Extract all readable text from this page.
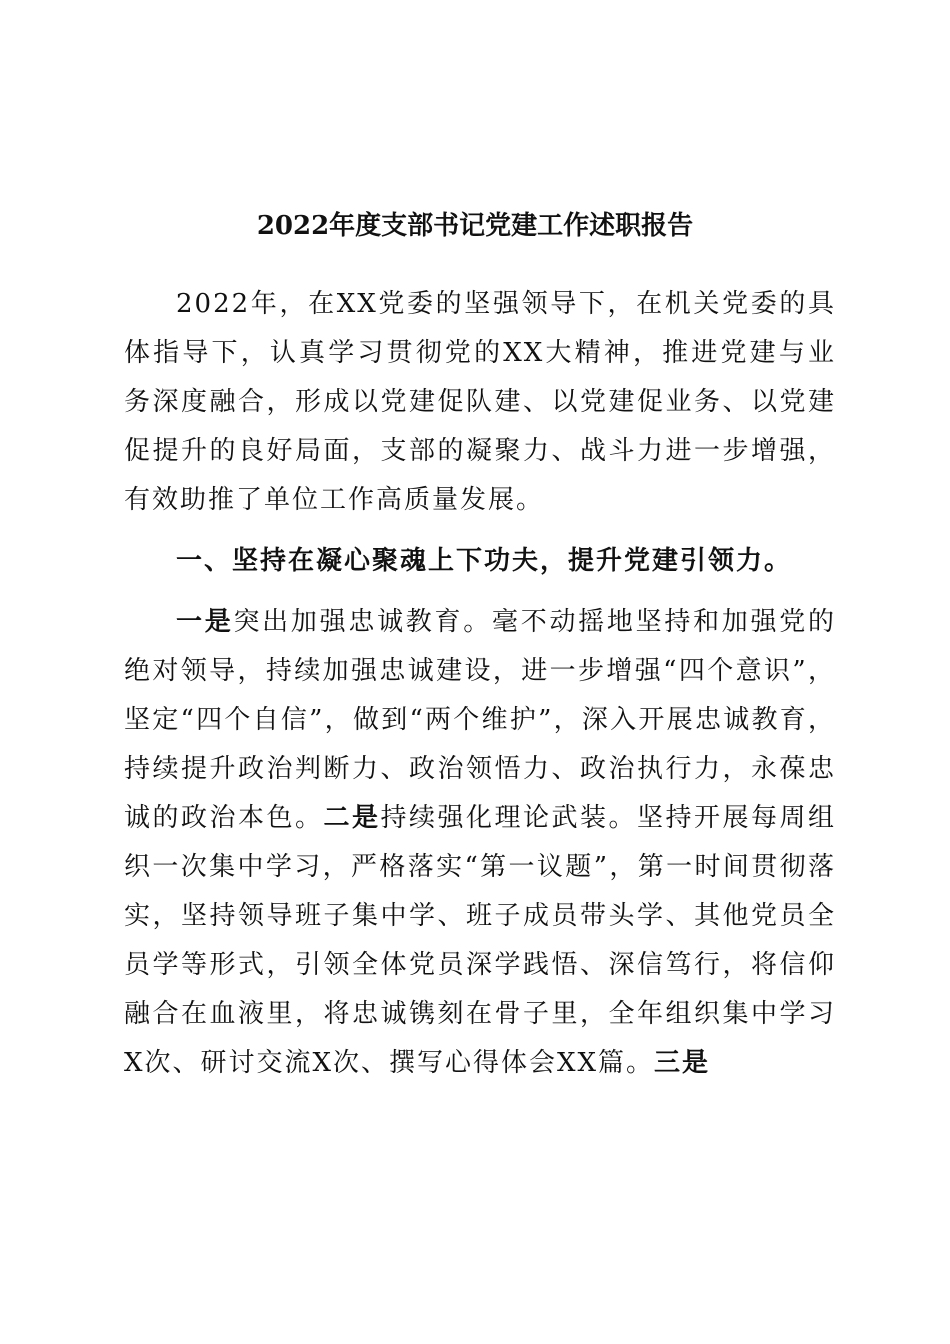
2022年度支部书记党建工作述职报告

2022年，在XX党委的坚强领导下，在机关党委的具体指导下，认真学习贯彻党的XX大精神，推进党建与业务深度融合，形成以党建促队建、以党建促业务、以党建促提升的良好局面，支部的凝聚力、战斗力进一步增强，有效助推了单位工作高质量发展。

一、坚持在凝心聚魂上下功夫，提升党建引领力。

一是突出加强忠诚教育。毫不动摇地坚持和加强党的绝对领导，持续加强忠诚建设，进一步增强“四个意识”，坚定“四个自信”，做到“两个维护”，深入开展忠诚教育，持续提升政治判断力、政治领悟力、政治执行力，永葆忠诚的政治本色。二是持续强化理论武装。坚持开展每周组织一次集中学习，严格落实“第一议题”，第一时间贯彻落实，坚持领导班子集中学、班子成员带头学、其他党员全员学等形式，引领全体党员深学践悟、深信笃行，将信仰融合在血液里，将忠诚镌刻在骨子里，全年组织集中学习X次、研讨交流X次、撰写心得体会XX篇。三是
